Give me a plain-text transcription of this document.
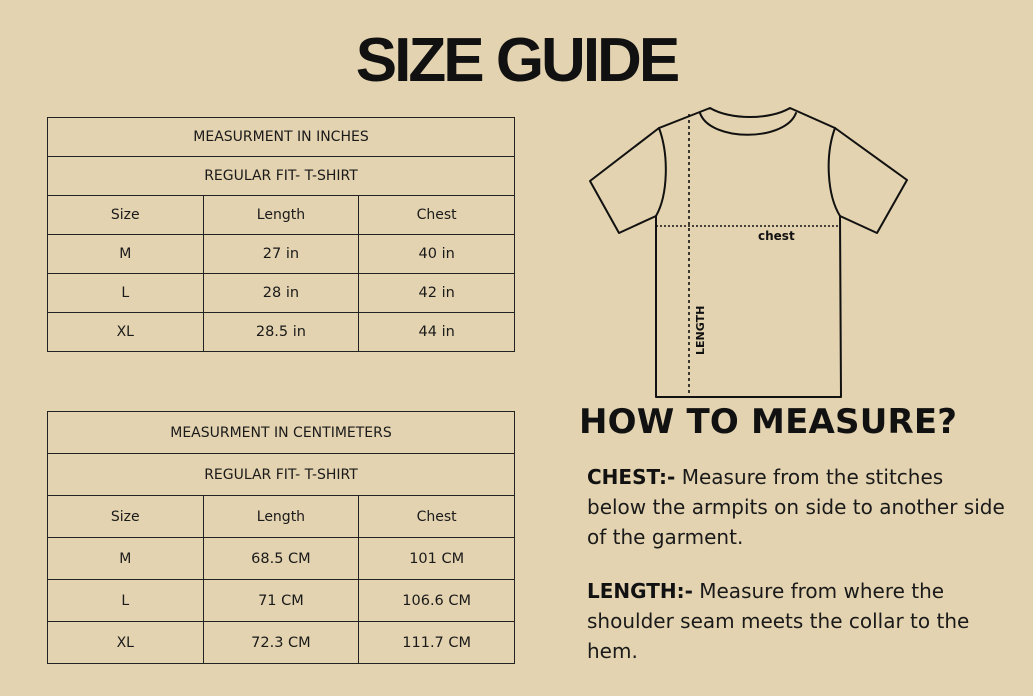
SIZE GUIDE
MEASURMENT IN INCHES		
REGULAR FIT- T-SHIRT		
Size	Length	Chest
M	27 in	40 in
L	28 in	42 in
XL	28.5 in	44 in
MEASURMENT IN CENTIMETERS		
REGULAR FIT- T-SHIRT		
Size	Length	Chest
M	68.5 CM	101 CM
L	71 CM	106.6 CM
XL	72.3 CM	111.7 CM
chest
LENGTH
HOW TO MEASURE?
CHEST:- Measure from the stitches below the armpits on side to another side of the garment.
LENGTH:- Measure from where the shoulder seam meets the collar to the hem.
